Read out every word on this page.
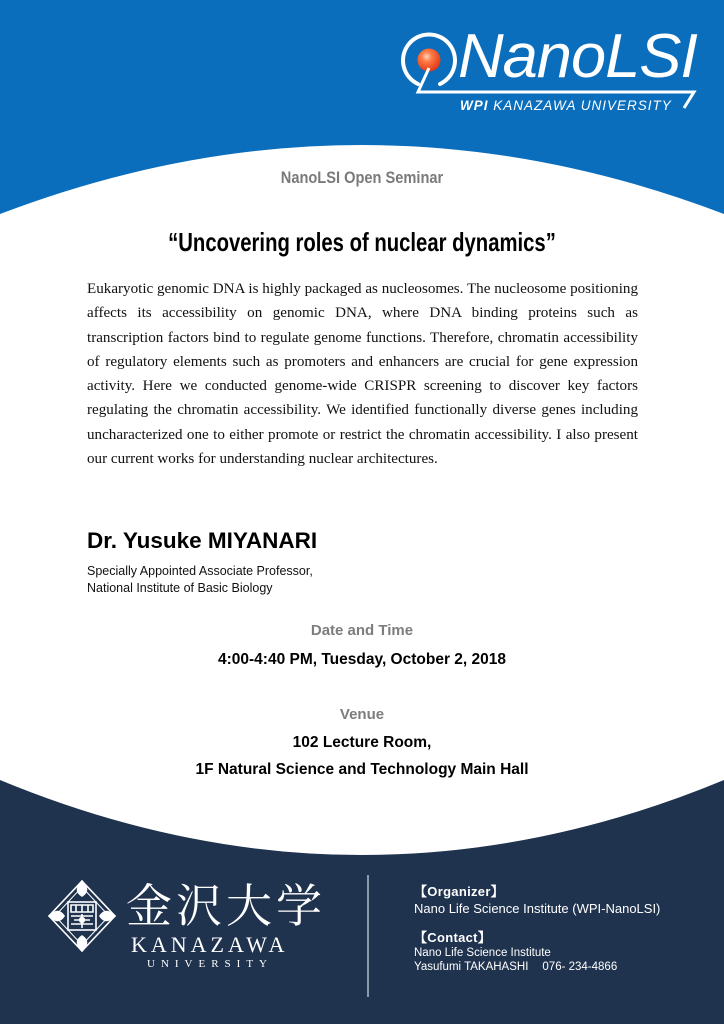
NanoLSI
WPI KANAZAWA UNIVERSITY
NanoLSI Open Seminar
“Uncovering roles of nuclear dynamics”

Eukaryotic genomic DNA is highly packaged as nucleosomes. The nucleosome positioning affects its accessibility on genomic DNA, where DNA binding proteins such as transcription factors bind to regulate genome functions. Therefore, chromatin accessibility of regulatory elements such as promoters and enhancers are crucial for gene expression activity. Here we conducted genome-wide CRISPR screening to discover key factors regulating the chromatin accessibility. We identified functionally diverse genes including uncharacterized one to either promote or restrict the chromatin accessibility. I also present our current works for understanding nuclear architectures.

Dr. Yusuke MIYANARI
Specially Appointed Associate Professor,
National Institute of Basic Biology
Date and Time
4:00-4:40 PM, Tuesday, October 2, 2018
Venue
102 Lecture Room,
1F Natural Science and Technology Main Hall
金沢大学
KANAZAWA
UNIVERSITY
【Organizer】
Nano Life Science Institute (WPI-NanoLSI)
【Contact】
Nano Life Science Institute
Yasufumi TAKAHASHI 076- 234-4866
